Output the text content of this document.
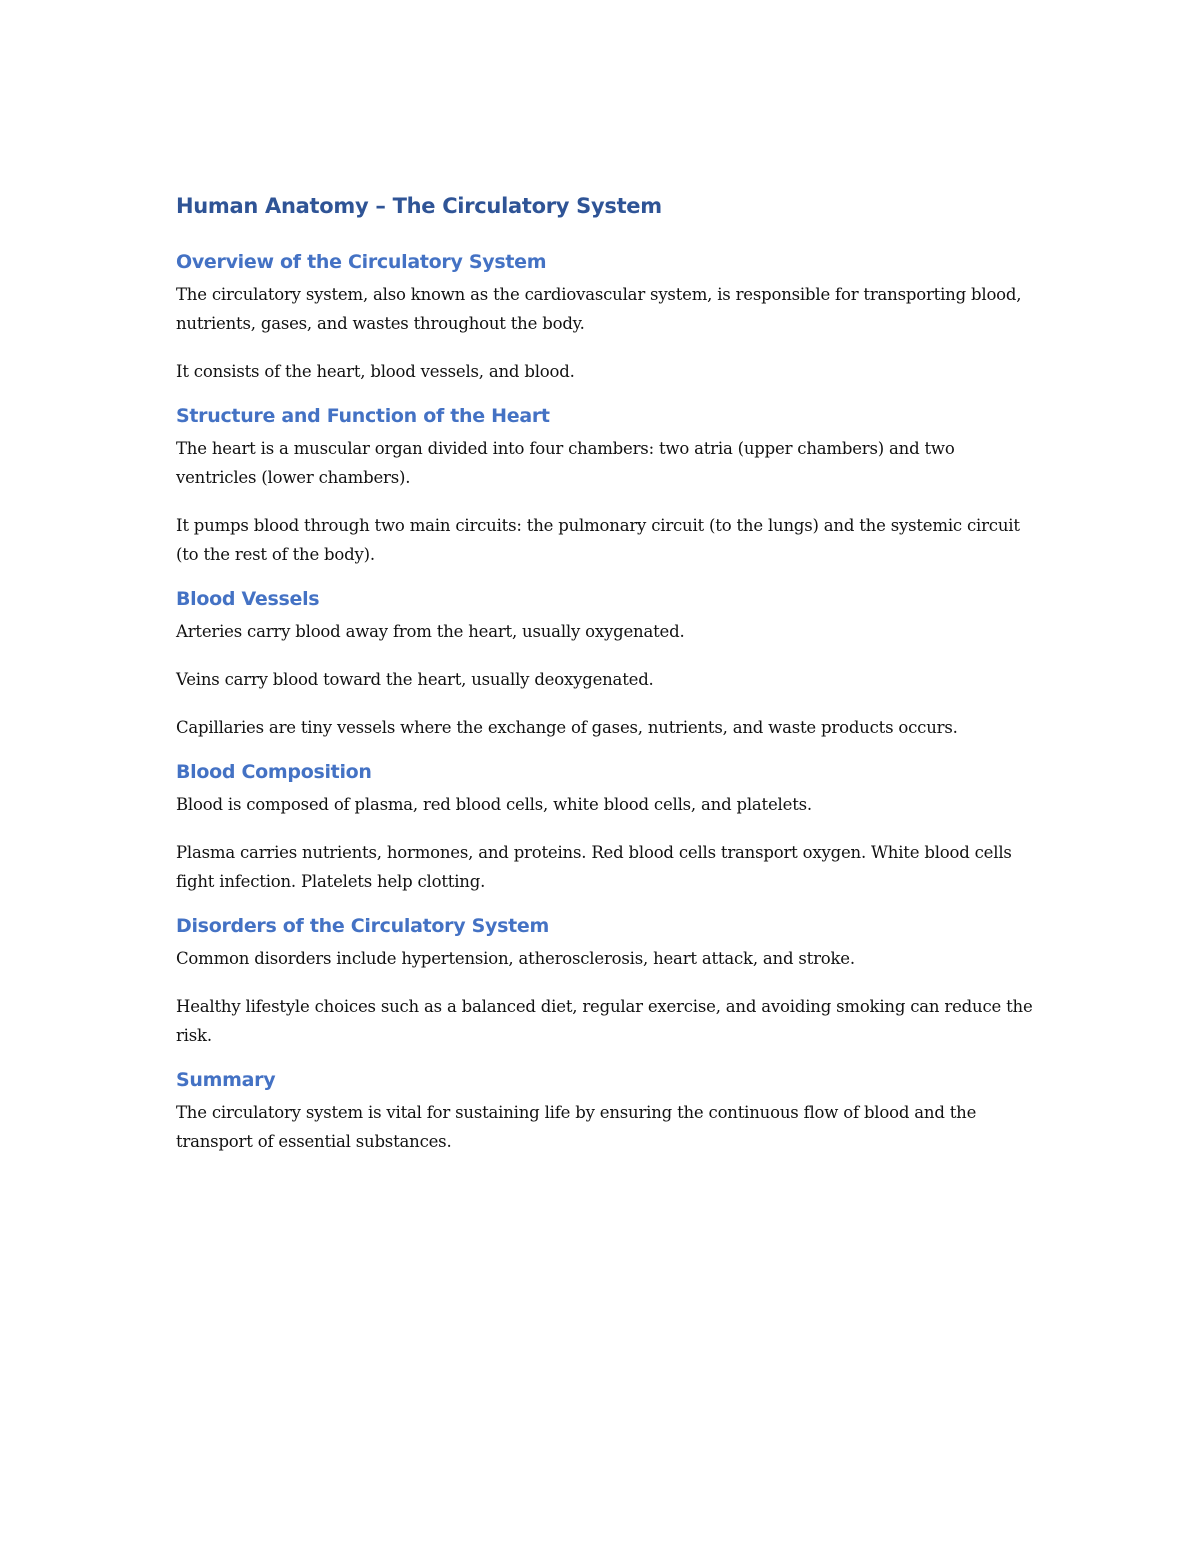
Human Anatomy – The Circulatory System
Overview of the Circulatory System

The circulatory system, also known as the cardiovascular system, is responsible for transporting blood, nutrients, gases, and wastes throughout the body.

It consists of the heart, blood vessels, and blood.

Structure and Function of the Heart

The heart is a muscular organ divided into four chambers: two atria (upper chambers) and two ventricles (lower chambers).

It pumps blood through two main circuits: the pulmonary circuit (to the lungs) and the systemic circuit (to the rest of the body).

Blood Vessels

Arteries carry blood away from the heart, usually oxygenated.

Veins carry blood toward the heart, usually deoxygenated.

Capillaries are tiny vessels where the exchange of gases, nutrients, and waste products occurs.

Blood Composition

Blood is composed of plasma, red blood cells, white blood cells, and platelets.

Plasma carries nutrients, hormones, and proteins. Red blood cells transport oxygen. White blood cells fight infection. Platelets help clotting.

Disorders of the Circulatory System

Common disorders include hypertension, atherosclerosis, heart attack, and stroke.

Healthy lifestyle choices such as a balanced diet, regular exercise, and avoiding smoking can reduce the risk.

Summary

The circulatory system is vital for sustaining life by ensuring the continuous flow of blood and the transport of essential substances.
